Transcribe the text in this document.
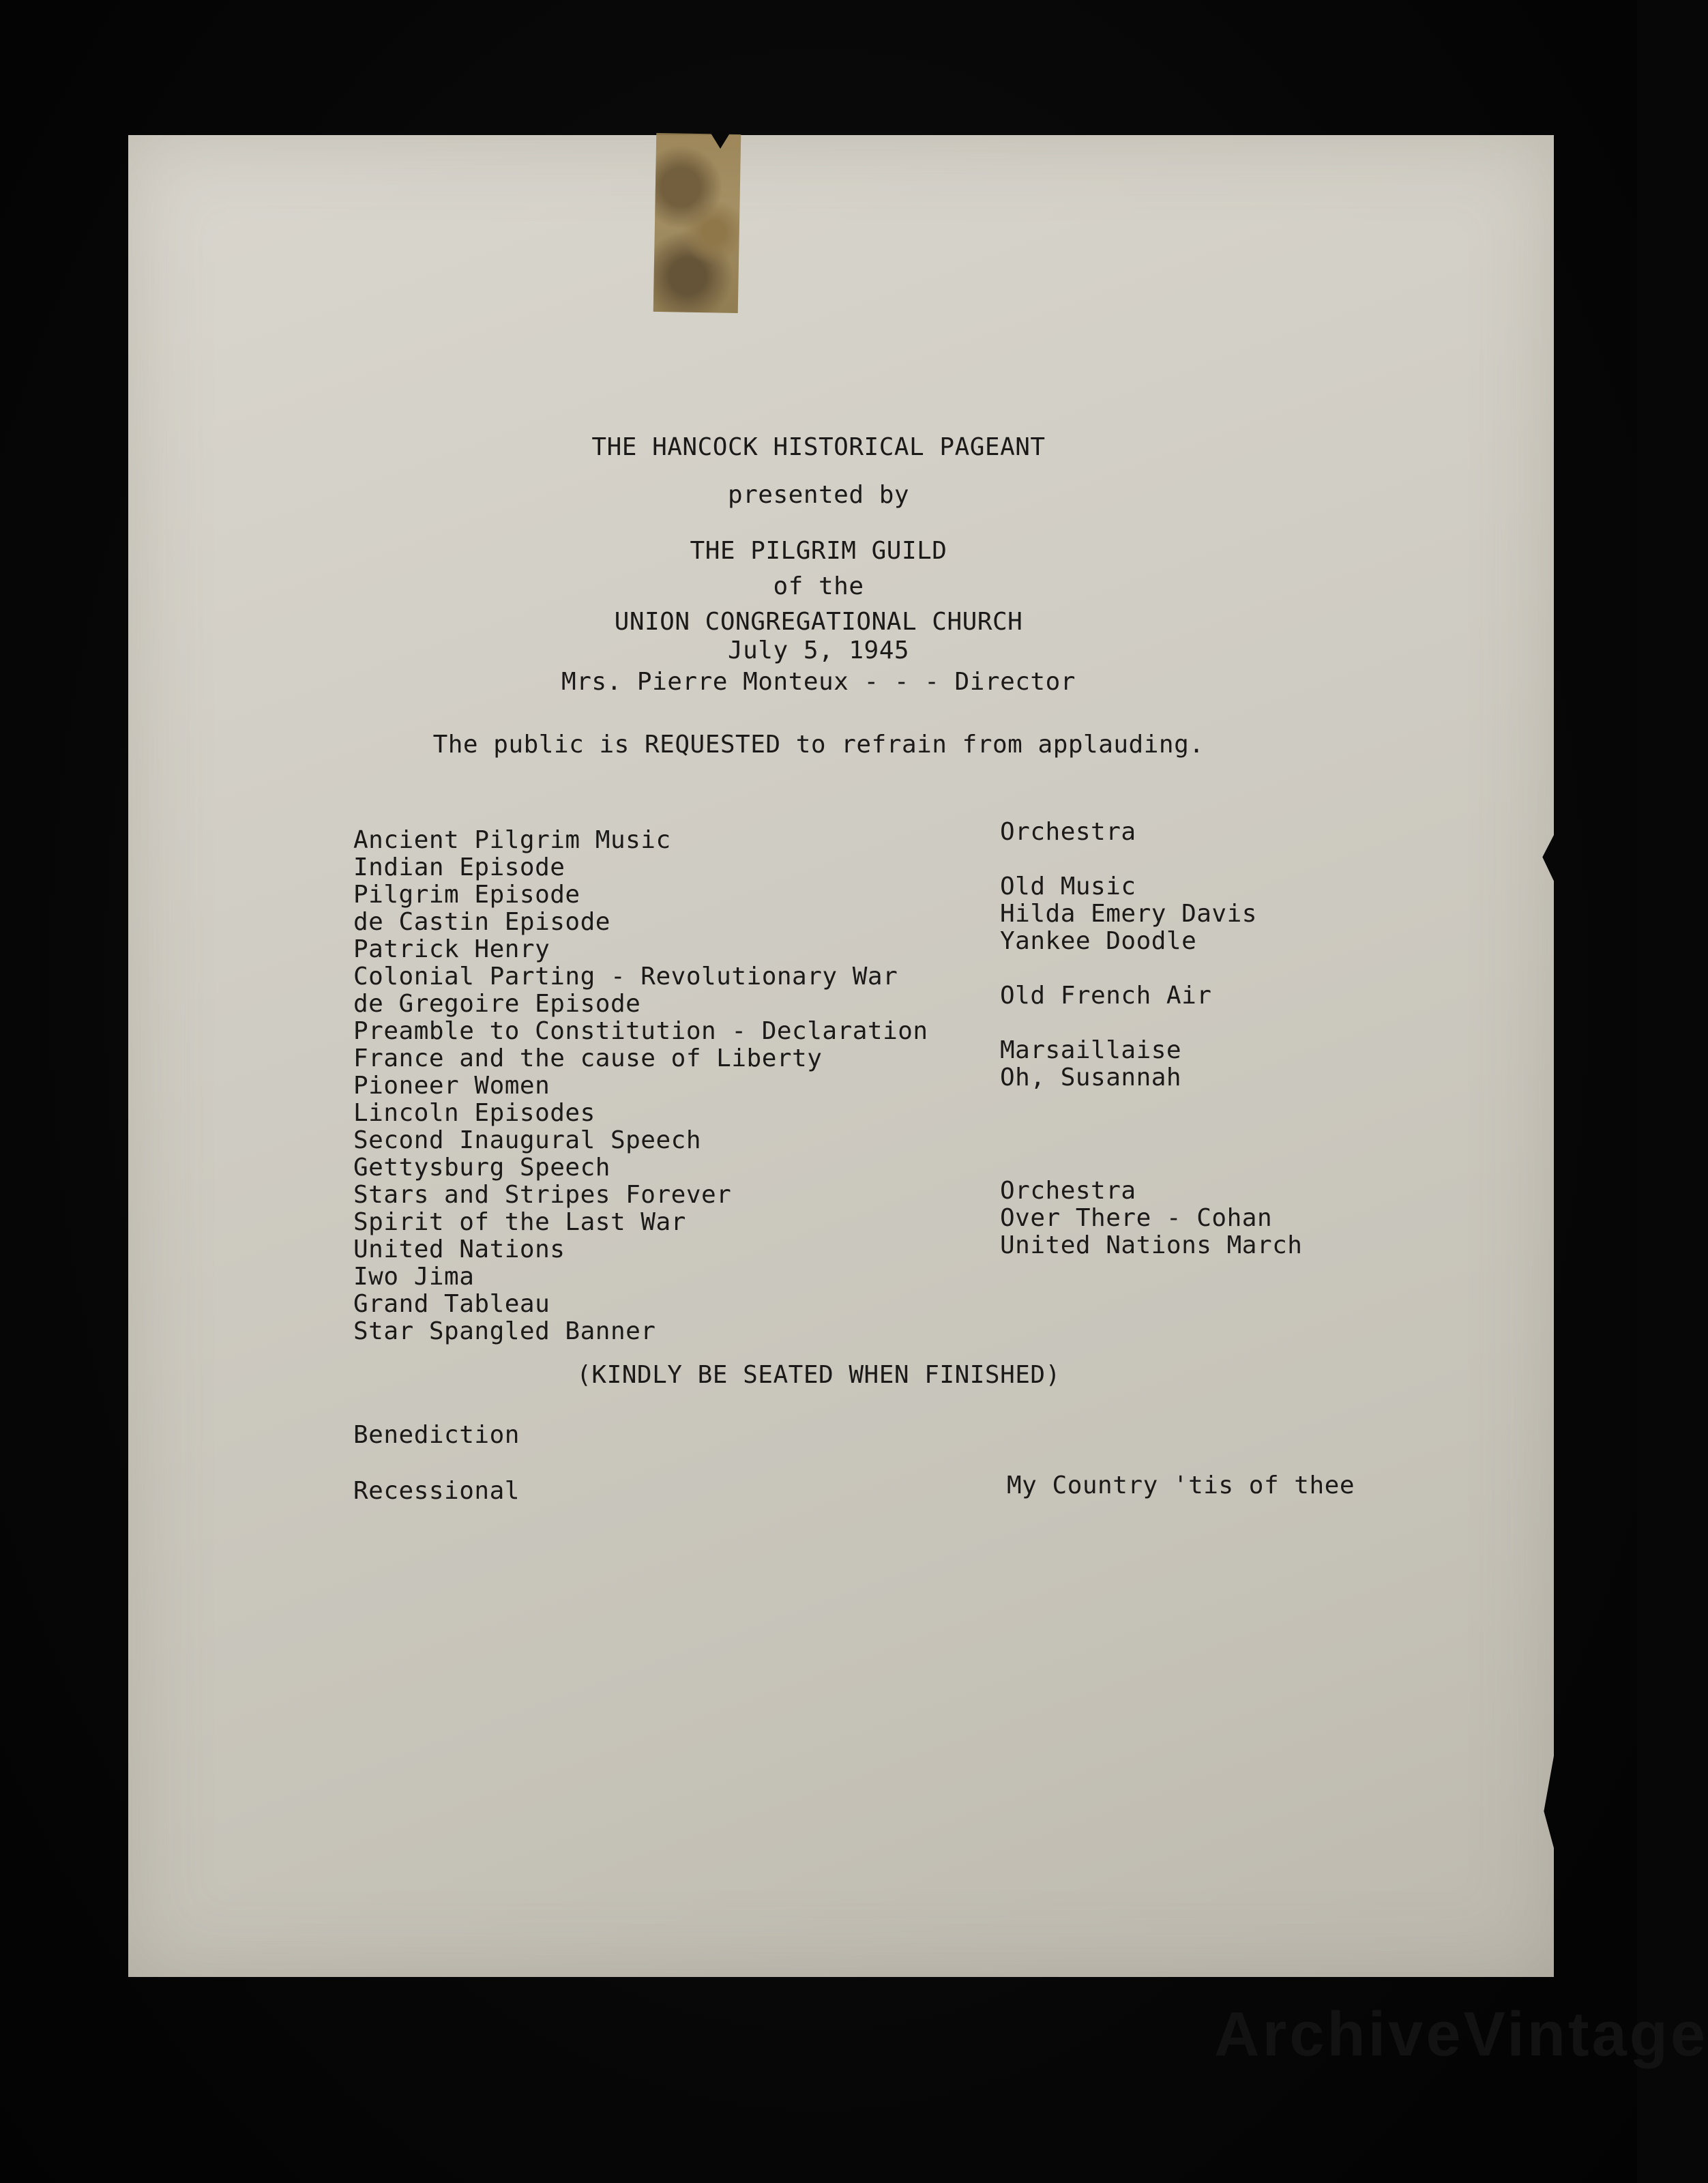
THE HANCOCK HISTORICAL PAGEANT
presented by
THE PILGRIM GUILD
of the
UNION CONGREGATIONAL CHURCH
July 5, 1945
Mrs. Pierre Monteux - - - Director
The public is REQUESTED to refrain from applauding.
Ancient Pilgrim Music
Indian Episode
Pilgrim Episode
de Castin Episode
Patrick Henry
Colonial Parting - Revolutionary War
de Gregoire Episode
Preamble to Constitution - Declaration
France and the cause of Liberty
Pioneer Women
Lincoln Episodes
Second Inaugural Speech
Gettysburg Speech
Stars and Stripes Forever
Spirit of the Last War
United Nations
Iwo Jima
Grand Tableau
Star Spangled Banner
Orchestra
Old Music
Hilda Emery Davis
Yankee Doodle
Old French Air
Marsaillaise
Oh, Susannah
Orchestra
Over There - Cohan
United Nations March
(KINDLY BE SEATED WHEN FINISHED)
Benediction
Recessional	My Country 'tis of thee
ArchiveVintage
